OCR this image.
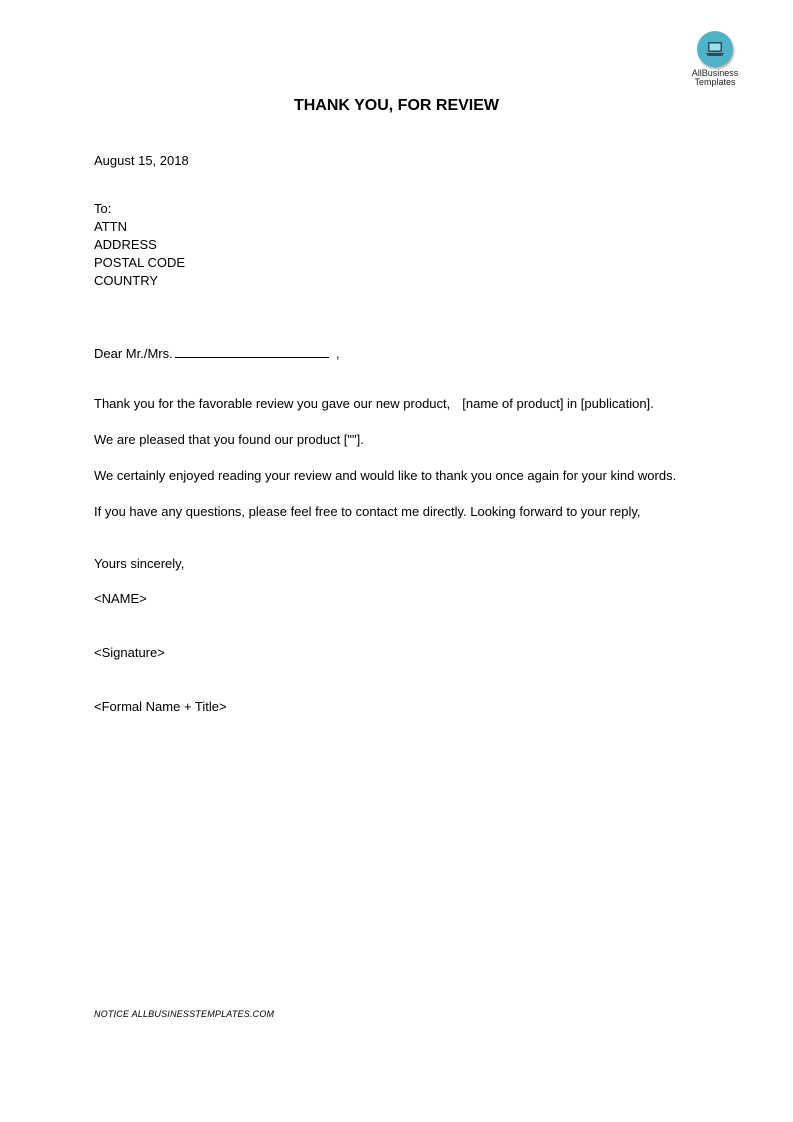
AllBusiness
Templates
THANK YOU, FOR REVIEW
August 15, 2018
To:
ATTN
ADDRESS
POSTAL CODE
COUNTRY
Dear Mr./Mrs.	,
Thank you for the favorable review you gave our new product, [name of product] in [publication].
We are pleased that you found our product [""].
We certainly enjoyed reading your review and would like to thank you once again for your kind words.
If you have any questions, please feel free to contact me directly. Looking forward to your reply,
Yours sincerely,
<NAME>
<Signature>
<Formal Name + Title>
NOTICE ALLBUSINESSTEMPLATES.COM
